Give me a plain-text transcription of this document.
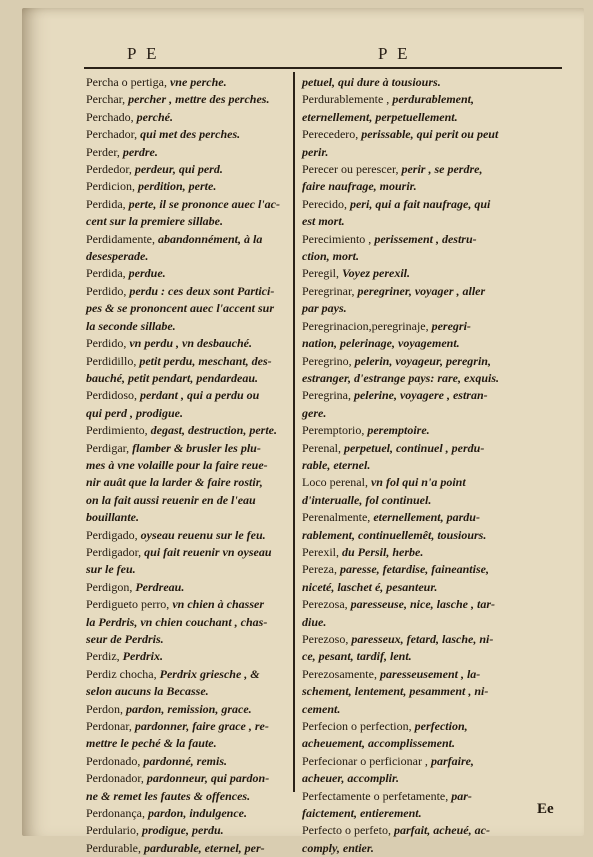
P E	P E
Percha o pertiga, vne perche.
Perchar, percher , mettre des perches.
Perchado, perché.
Perchador, qui met des perches.
Perder, perdre.
Perdedor, perdeur, qui perd.
Perdicion, perdition, perte.
Perdida, perte, il se prononce auec l'ac-
cent sur la premiere sillabe.
Perdidamente, abandonnément, à la
desesperade.
Perdida, perdue.
Perdido, perdu : ces deux sont Partici-
pes & se prononcent auec l'accent sur
la seconde sillabe.
Perdido, vn perdu , vn desbauché.
Perdidillo, petit perdu, meschant, des-
bauché, petit pendart, pendardeau.
Perdidoso, perdant , qui a perdu ou
qui perd , prodigue.
Perdimiento, degast, destruction, perte.
Perdigar, flamber & brusler les plu-
mes à vne volaille pour la faire reue-
nir auât que la larder & faire rostir,
on la fait aussi reuenir en de l'eau
bouillante.
Perdigado, oyseau reuenu sur le feu.
Perdigador, qui fait reuenir vn oyseau
sur le feu.
Perdigon, Perdreau.
Perdigueto perro, vn chien à chasser
la Perdris, vn chien couchant , chas-
seur de Perdris.
Perdiz, Perdrix.
Perdiz chocha, Perdrix griesche , &
selon aucuns la Becasse.
Perdon, pardon, remission, grace.
Perdonar, pardonner, faire grace , re-
mettre le peché & la faute.
Perdonado, pardonné, remis.
Perdonador, pardonneur, qui pardon-
ne & remet les fautes & offences.
Perdonança, pardon, indulgence.
Perdulario, prodigue, perdu.
Perdurable, pardurable, eternel, per-
petuel, qui dure à tousiours.
Perdurablemente , perdurablement,
eternellement, perpetuellement.
Perecedero, perissable, qui perit ou peut
perir.
Perecer ou perescer, perir , se perdre,
faire naufrage, mourir.
Perecido, peri, qui a fait naufrage, qui
est mort.
Perecimiento , perissement , destru-
ction, mort.
Peregil, Voyez perexil.
Peregrinar, peregriner, voyager , aller
par pays.
Peregrinacion,peregrinaje, peregri-
nation, pelerinage, voyagement.
Peregrino, pelerin, voyageur, peregrin,
estranger, d'estrange pays: rare, exquis.
Peregrina, pelerine, voyagere , estran-
gere.
Peremptorio, peremptoire.
Perenal, perpetuel, continuel , perdu-
rable, eternel.
Loco perenal, vn fol qui n'a point
d'interualle, fol continuel.
Perenalmente, eternellement, pardu-
rablement, continuellemêt, tousiours.
Perexil, du Persil, herbe.
Pereza, paresse, fetardise, faineantise,
niceté, laschet é, pesanteur.
Perezosa, paresseuse, nice, lasche , tar-
diue.
Perezoso, paresseux, fetard, lasche, ni-
ce, pesant, tardif, lent.
Perezosamente, paresseusement , la-
schement, lentement, pesamment , ni-
cement.
Perfecion o perfection, perfection,
acheuement, accomplissement.
Perfecionar o perficionar , parfaire,
acheuer, accomplir.
Perfectamente o perfetamente, par-
faictement, entierement.
Perfecto o perfeto, parfait, acheué, ac-
comply, entier.
Ee
